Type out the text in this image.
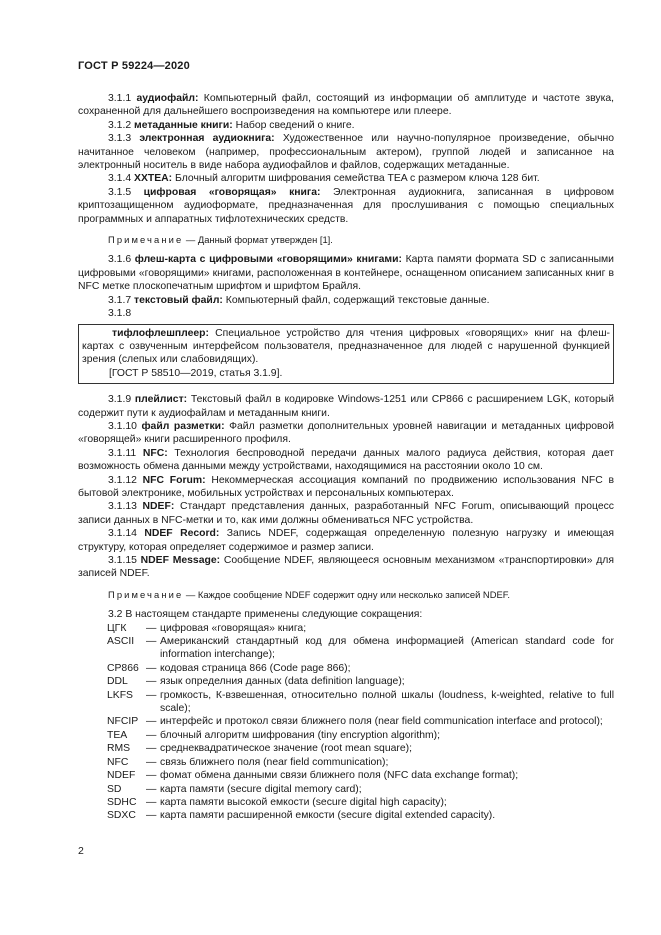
ГОСТ Р 59224—2020

3.1.1 аудиофайл: Компьютерный файл, состоящий из информации об амплитуде и частоте звука, сохраненной для дальнейшего воспроизведения на компьютере или плеере.

3.1.2 метаданные книги: Набор сведений о книге.

3.1.3 электронная аудиокнига: Художественное или научно-популярное произведение, обычно начитанное человеком (например, профессиональным актером), группой людей и записанное на электронный носитель в виде набора аудиофайлов и файлов, содержащих метаданные.

3.1.4 XXTEA: Блочный алгоритм шифрования семейства TEA с размером ключа 128 бит.

3.1.5 цифровая «говорящая» книга: Электронная аудиокнига, записанная в цифровом криптозащищенном аудиоформате, предназначенная для прослушивания с помощью специальных программных и аппаратных тифлотехнических средств.

Примечание — Данный формат утвержден [1].

3.1.6 флеш-карта с цифровыми «говорящими» книгами: Карта памяти формата SD с записанными цифровыми «говорящими» книгами, расположенная в контейнере, оснащенном описанием записанных книг в NFC метке плоскопечатным шрифтом и шрифтом Брайля.

3.1.7 текстовый файл: Компьютерный файл, содержащий текстовые данные.

3.1.8

тифлофлешплеер: Специальное устройство для чтения цифровых «говорящих» книг на флеш-картах с озвученным интерфейсом пользователя, предназначенное для людей с нарушенной функцией зрения (слепых или слабовидящих).

[ГОСТ Р 58510—2019, статья 3.1.9].

3.1.9 плейлист: Текстовый файл в кодировке Windows-1251 или CP866 с расширением LGK, который содержит пути к аудиофайлам и метаданным книги.

3.1.10 файл разметки: Файл разметки дополнительных уровней навигации и метаданных цифровой «говорящей» книги расширенного профиля.

3.1.11 NFC: Технология беспроводной передачи данных малого радиуса действия, которая дает возможность обмена данными между устройствами, находящимися на расстоянии около 10 см.

3.1.12 NFC Forum: Некоммерческая ассоциация компаний по продвижению использования NFC в бытовой электронике, мобильных устройствах и персональных компьютерах.

3.1.13 NDEF: Стандарт представления данных, разработанный NFC Forum, описывающий процесс записи данных в NFC-метки и то, как ими должны обмениваться NFC устройства.

3.1.14 NDEF Record: Запись NDEF, содержащая определенную полезную нагрузку и имеющая структуру, которая определяет содержимое и размер записи.

3.1.15 NDEF Message: Сообщение NDEF, являющееся основным механизмом «транспортировки» для записей NDEF.

Примечание — Каждое сообщение NDEF содержит одну или несколько записей NDEF.

3.2 В настоящем стандарте применены следующие сокращения:

ЦГК	—	цифровая «говорящая» книга;
ASCII	—	Американский стандартный код для обмена информацией (American standard code for information interchange);
CP866	—	кодовая страница 866 (Code page 866);
DDL	—	язык определния данных (data definition language);
LKFS	—	громкость, К-взвешенная, относительно полной шкалы (loudness, k-weighted, relative to full scale);
NFCIP	—	интерфейс и протокол связи ближнего поля (near field communication interface and protocol);
TEA	—	блочный алгоритм шифрования (tiny encryption algorithm);
RMS	—	среднеквадратическое значение (root mean square);
NFC	—	связь ближнего поля (near field communication);
NDEF	—	фомат обмена данными связи ближнего поля (NFC data exchange format);
SD	—	карта памяти (secure digital memory card);
SDHC	—	карта памяти высокой емкости (secure digital high capacity);
SDXC	—	карта памяти расширенной емкости (secure digital extended capacity).
2
